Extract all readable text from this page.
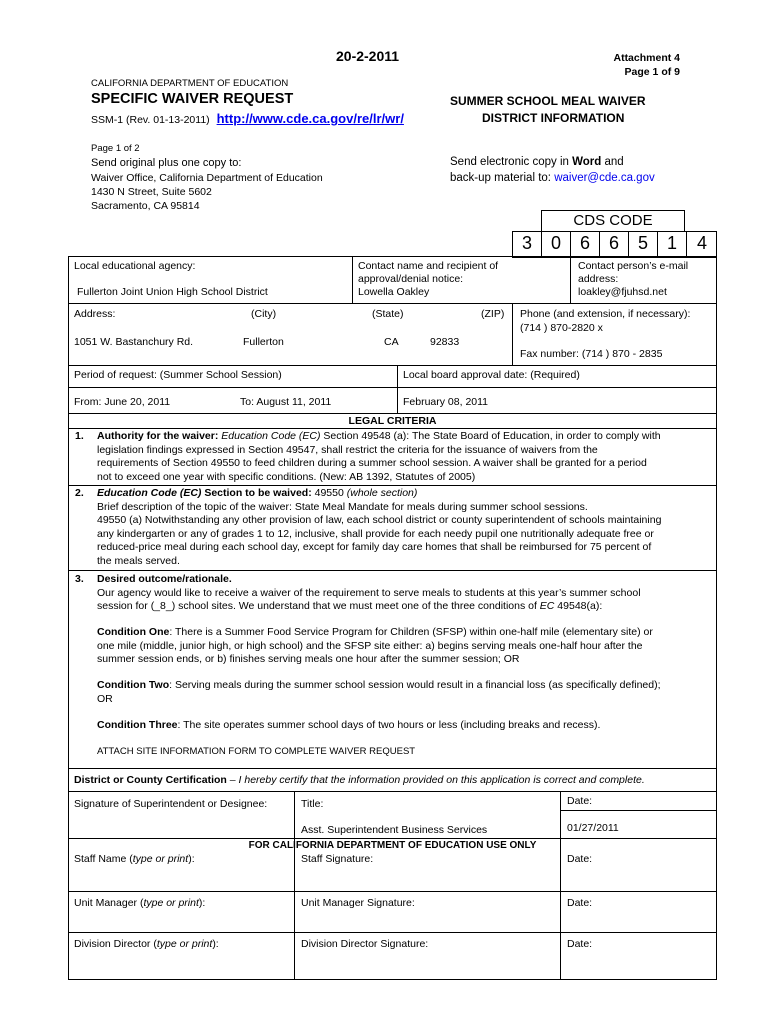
20-2-2011	Attachment 4
Page 1 of 9
CALIFORNIA DEPARTMENT OF EDUCATION
SPECIFIC WAIVER REQUEST
SSM-1 (Rev. 01-13-2011) http://www.cde.ca.gov/re/lr/wr/
SUMMER SCHOOL MEAL WAIVER
DISTRICT INFORMATION
Page 1 of 2
Send original plus one copy to:
Waiver Office, California Department of Education
1430 N Street, Suite 5602
Sacramento, CA 95814
Send electronic copy in Word and
back-up material to: waiver@cde.ca.gov
CDS CODE
3	0	6	6	5	1	4
Local educational agency:
Fullerton Joint Union High School District
Contact name and recipient of
approval/denial notice:
Lowella Oakley
Contact person’s e-mail
address:
loakley@fjuhsd.net
Address:	(City)	(State)	(ZIP)
1051 W. Bastanchury Rd.	Fullerton	CA	92833
Phone (and extension, if necessary):
(714 ) 870-2820 x
Fax number: (714 ) 870 - 2835
Period of request: (Summer School Session)
From: June 20, 2011	To: August 11, 2011
Local board approval date: (Required)
February 08, 2011
LEGAL CRITERIA
1. Authority for the waiver: Education Code (EC) Section 49548 (a): The State Board of Education, in order to comply with
legislation findings expressed in Section 49547, shall restrict the criteria for the issuance of waivers from the
requirements of Section 49550 to feed children during a summer school session. A waiver shall be granted for a period
not to exceed one year with specific conditions. (New: AB 1392, Statutes of 2005)
2. Education Code (EC) Section to be waived: 49550 (whole section)
Brief description of the topic of the waiver: State Meal Mandate for meals during summer school sessions.
49550 (a) Notwithstanding any other provision of law, each school district or county superintendent of schools maintaining
any kindergarten or any of grades 1 to 12, inclusive, shall provide for each needy pupil one nutritionally adequate free or
reduced-price meal during each school day, except for family day care homes that shall be reimbursed for 75 percent of
the meals served.
3. Desired outcome/rationale.
Our agency would like to receive a waiver of the requirement to serve meals to students at this year’s summer school
session for (_8_) school sites. We understand that we must meet one of the three conditions of EC 49548(a):
Condition One: There is a Summer Food Service Program for Children (SFSP) within one-half mile (elementary site) or
one mile (middle, junior high, or high school) and the SFSP site either: a) begins serving meals one-half hour after the
summer session ends, or b) finishes serving meals one hour after the summer session; OR
Condition Two: Serving meals during the summer school session would result in a financial loss (as specifically defined);
OR
Condition Three: The site operates summer school days of two hours or less (including breaks and recess).
ATTACH SITE INFORMATION FORM TO COMPLETE WAIVER REQUEST
District or County Certification – I hereby certify that the information provided on this application is correct and complete.
Signature of Superintendent or Designee:	Title:
Asst. Superintendent Business Services
Date:
01/27/2011
FOR CALIFORNIA DEPARTMENT OF EDUCATION USE ONLY
Staff Name (type or print):	Staff Signature:	Date:
Unit Manager (type or print):	Unit Manager Signature:	Date:
Division Director (type or print):	Division Director Signature:	Date:
